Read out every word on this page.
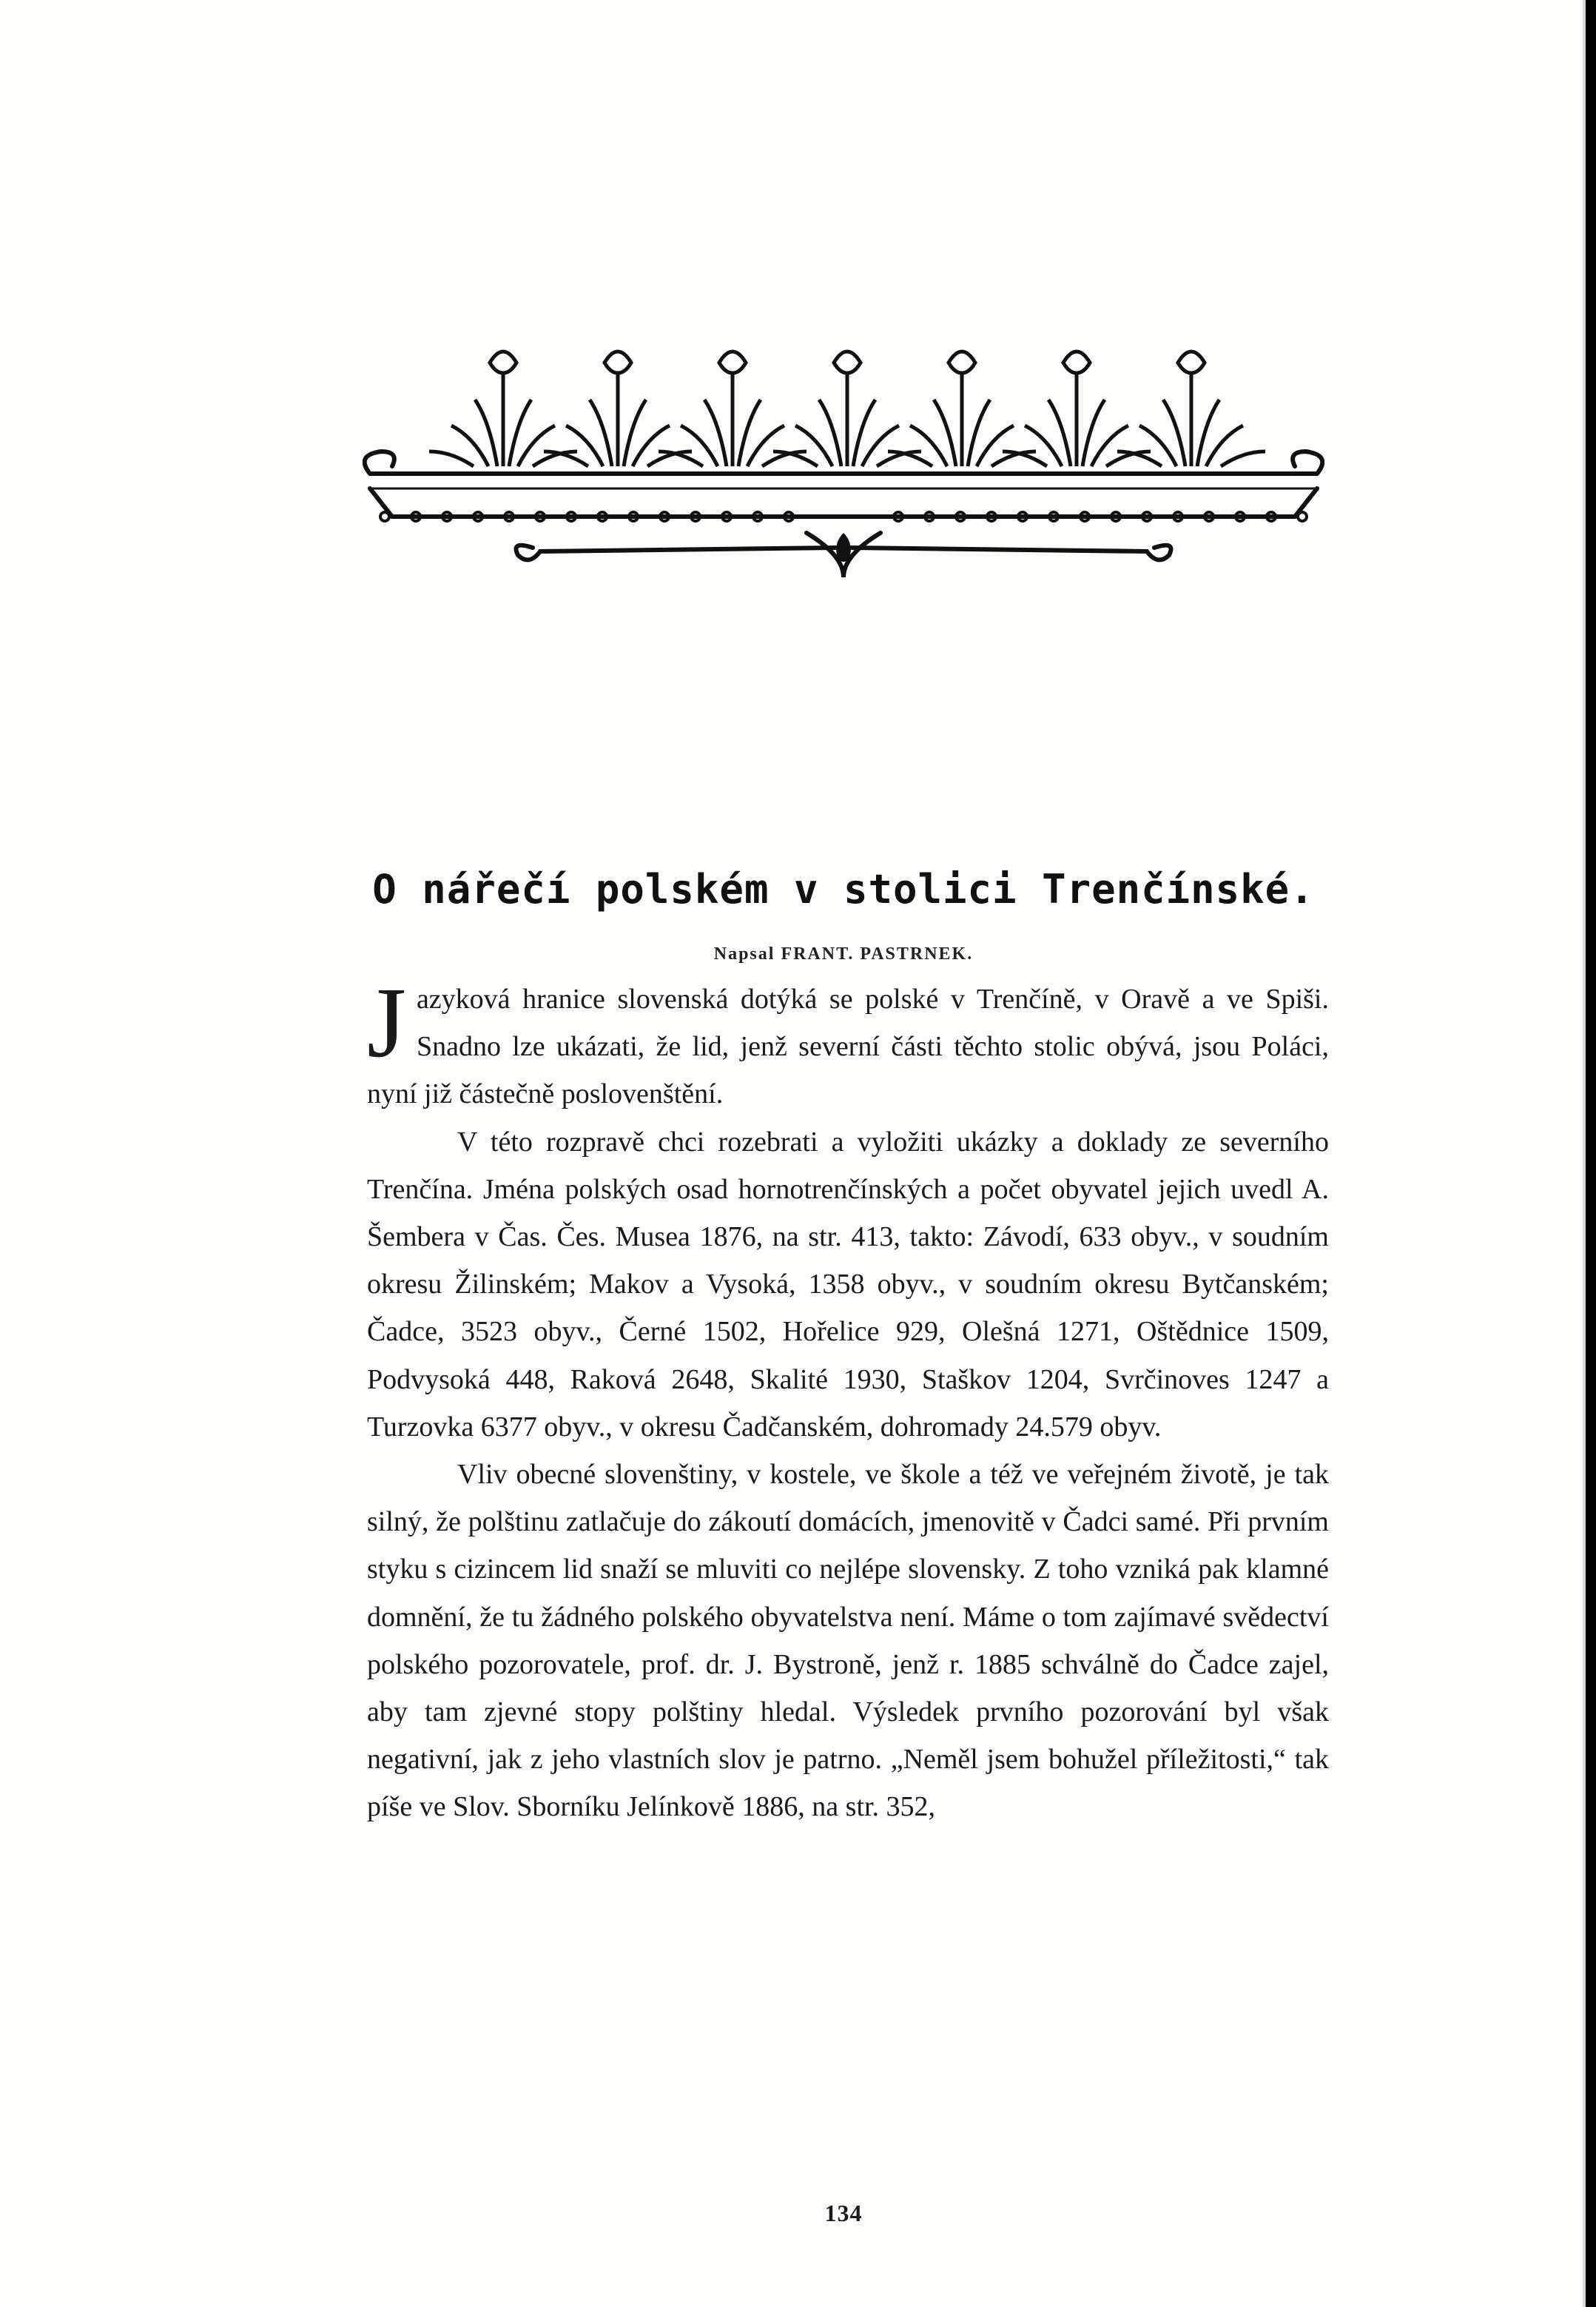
O nářečí polském v stolici Trenčínské.
Napsal FRANT. PASTRNEK.

Jazyková hranice slovenská dotýká se polské v Trenčíně, v Oravě a ve Spiši. Snadno lze ukázati, že lid, jenž severní části těchto stolic obývá, jsou Poláci, nyní již částečně poslovenštění.

V této rozpravě chci rozebrati a vyložiti ukázky a doklady ze severního Trenčína. Jména polských osad hornotrenčínských a počet obyvatel jejich uvedl A. Šembera v Čas. Čes. Musea 1876, na str. 413, takto: Závodí, 633 obyv., v soudním okresu Žilinském; Makov a Vysoká, 1358 obyv., v soudním okresu Bytčanském; Čadce, 3523 obyv., Černé 1502, Hořelice 929, Olešná 1271, Oštědnice 1509, Podvysoká 448, Raková 2648, Skalité 1930, Staškov 1204, Svrčinoves 1247 a Turzovka 6377 obyv., v okresu Čadčanském, dohromady 24.579 obyv.

Vliv obecné slovenštiny, v kostele, ve škole a též ve veřejném životě, je tak silný, že polštinu zatlačuje do zákoutí domácích, jmenovitě v Čadci samé. Při prvním styku s cizincem lid snaží se mluviti co nejlépe slovensky. Z toho vzniká pak klamné domnění, že tu žádného polského obyvatelstva není. Máme o tom zajímavé svědectví polského pozorovatele, prof. dr. J. Bystroně, jenž r. 1885 schválně do Čadce zajel, aby tam zjevné stopy polštiny hledal. Výsledek prvního pozorování byl však negativní, jak z jeho vlastních slov je patrno. „Neměl jsem bohužel příležitosti,“ tak píše ve Slov. Sborníku Jelínkově 1886, na str. 352,

134
